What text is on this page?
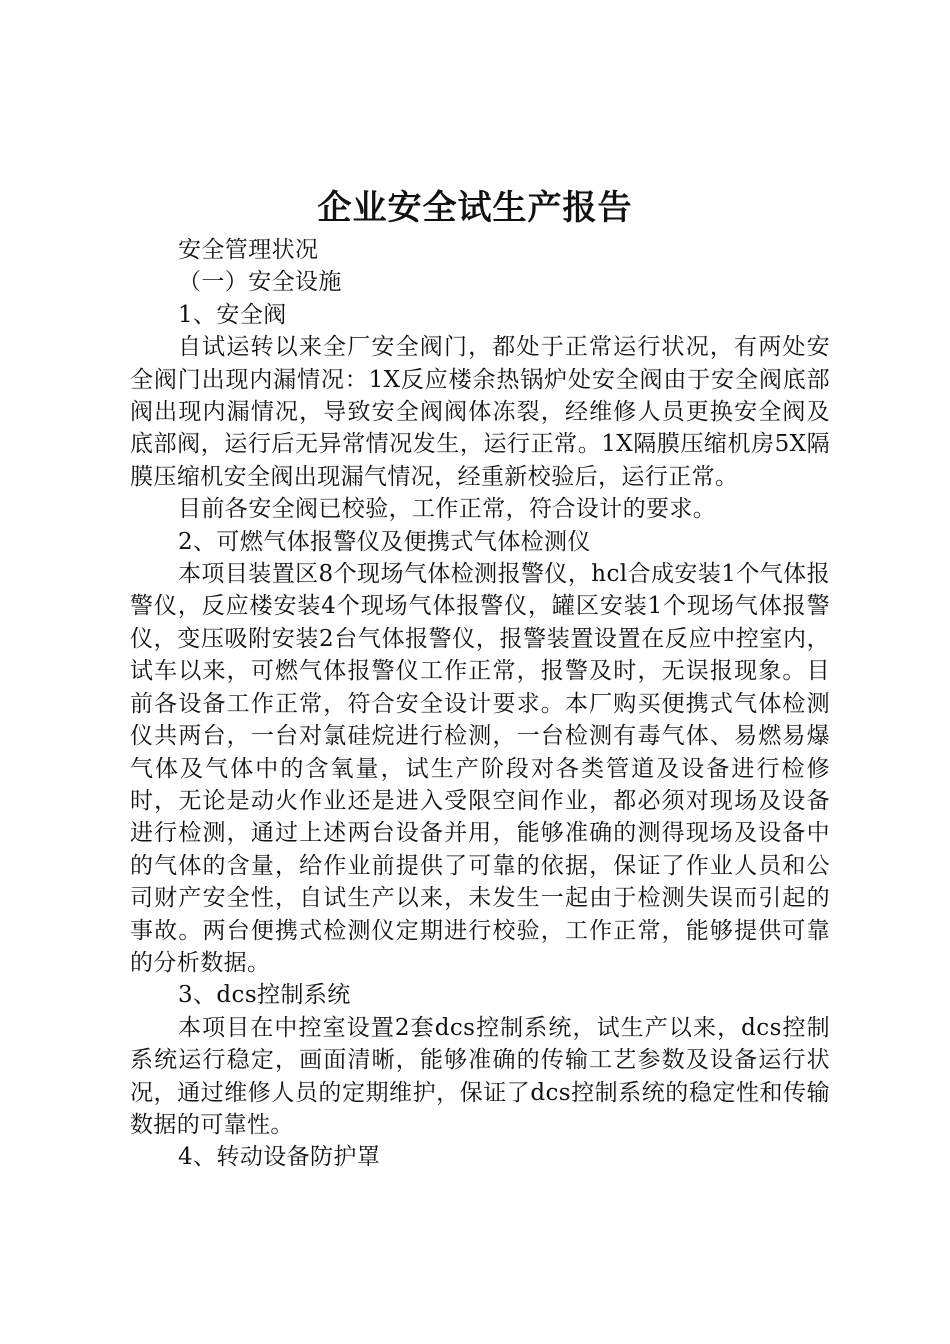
企业安全试生产报告

安全管理状况

（一）安全设施

1、安全阀

自试运转以来全厂安全阀门，都处于正常运行状况，有两处安全阀门出现内漏情况：1X反应楼余热锅炉处安全阀由于安全阀底部阀出现内漏情况，导致安全阀阀体冻裂，经维修人员更换安全阀及底部阀，运行后无异常情况发生，运行正常。1X隔膜压缩机房5X隔膜压缩机安全阀出现漏气情况，经重新校验后，运行正常。

目前各安全阀已校验，工作正常，符合设计的要求。

2、可燃气体报警仪及便携式气体检测仪

本项目装置区8个现场气体检测报警仪，hcl合成安装1个气体报警仪，反应楼安装4个现场气体报警仪，罐区安装1个现场气体报警仪，变压吸附安装2台气体报警仪，报警装置设置在反应中控室内，试车以来，可燃气体报警仪工作正常，报警及时，无误报现象。目前各设备工作正常，符合安全设计要求。本厂购买便携式气体检测仪共两台，一台对氯硅烷进行检测，一台检测有毒气体、易燃易爆气体及气体中的含氧量，试生产阶段对各类管道及设备进行检修时，无论是动火作业还是进入受限空间作业，都必须对现场及设备进行检测，通过上述两台设备并用，能够准确的测得现场及设备中的气体的含量，给作业前提供了可靠的依据，保证了作业人员和公司财产安全性，自试生产以来，未发生一起由于检测失误而引起的事故。两台便携式检测仪定期进行校验，工作正常，能够提供可靠的分析数据。

3、dcs控制系统

本项目在中控室设置2套dcs控制系统，试生产以来，dcs控制系统运行稳定，画面清晰，能够准确的传输工艺参数及设备运行状况，通过维修人员的定期维护，保证了dcs控制系统的稳定性和传输数据的可靠性。

4、转动设备防护罩
